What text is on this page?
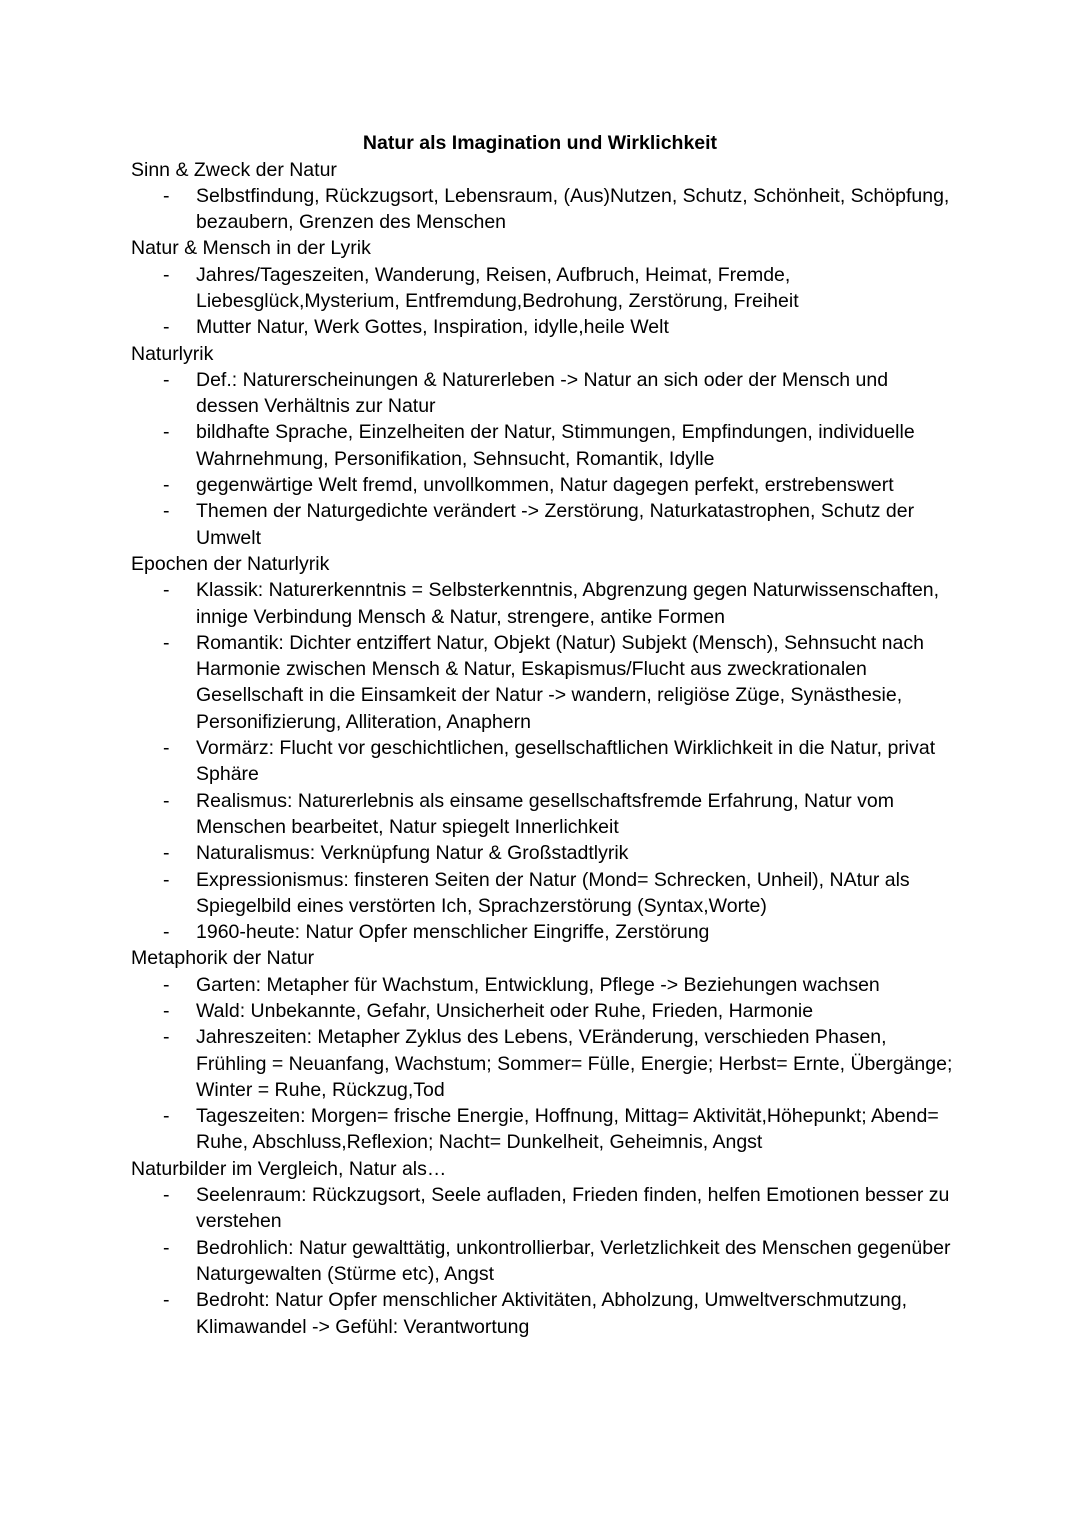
Natur als Imagination und Wirklichkeit

Sinn & Zweck der Natur

- Selbstfindung, Rückzugsort, Lebensraum, (Aus)Nutzen, Schutz, Schönheit, Schöpfung, bezaubern, Grenzen des Menschen

Natur & Mensch in der Lyrik

- Jahres/Tageszeiten, Wanderung, Reisen, Aufbruch, Heimat, Fremde, Liebesglück,Mysterium, Entfremdung,Bedrohung, Zerstörung, Freiheit
- Mutter Natur, Werk Gottes, Inspiration, idylle,heile Welt

Naturlyrik

- Def.: Naturerscheinungen & Naturerleben -> Natur an sich oder der Mensch und dessen Verhältnis zur Natur
- bildhafte Sprache, Einzelheiten der Natur, Stimmungen, Empfindungen, individuelle Wahrnehmung, Personifikation, Sehnsucht, Romantik, Idylle
- gegenwärtige Welt fremd, unvollkommen, Natur dagegen perfekt, erstrebenswert
- Themen der Naturgedichte verändert -> Zerstörung, Naturkatastrophen, Schutz der Umwelt

Epochen der Naturlyrik

- Klassik: Naturerkenntnis = Selbsterkenntnis, Abgrenzung gegen Naturwissenschaften, innige Verbindung Mensch & Natur, strengere, antike Formen
- Romantik: Dichter entziffert Natur, Objekt (Natur) Subjekt (Mensch), Sehnsucht nach Harmonie zwischen Mensch & Natur, Eskapismus/Flucht aus zweckrationalen Gesellschaft in die Einsamkeit der Natur -> wandern, religiöse Züge, Synästhesie, Personifizierung, Alliteration, Anaphern
- Vormärz: Flucht vor geschichtlichen, gesellschaftlichen Wirklichkeit in die Natur, privat Sphäre
- Realismus: Naturerlebnis als einsame gesellschaftsfremde Erfahrung, Natur vom Menschen bearbeitet, Natur spiegelt Innerlichkeit
- Naturalismus: Verknüpfung Natur & Großstadtlyrik
- Expressionismus: finsteren Seiten der Natur (Mond= Schrecken, Unheil), NAtur als Spiegelbild eines verstörten Ich, Sprachzerstörung (Syntax,Worte)
- 1960-heute: Natur Opfer menschlicher Eingriffe, Zerstörung

Metaphorik der Natur

- Garten: Metapher für Wachstum, Entwicklung, Pflege -> Beziehungen wachsen
- Wald: Unbekannte, Gefahr, Unsicherheit oder Ruhe, Frieden, Harmonie
- Jahreszeiten: Metapher Zyklus des Lebens, VEränderung, verschieden Phasen, Frühling = Neuanfang, Wachstum; Sommer= Fülle, Energie; Herbst= Ernte, Übergänge; Winter = Ruhe, Rückzug,Tod
- Tageszeiten: Morgen= frische Energie, Hoffnung, Mittag= Aktivität,Höhepunkt; Abend= Ruhe, Abschluss,Reflexion; Nacht= Dunkelheit, Geheimnis, Angst

Naturbilder im Vergleich, Natur als…

- Seelenraum: Rückzugsort, Seele aufladen, Frieden finden, helfen Emotionen besser zu verstehen
- Bedrohlich: Natur gewalttätig, unkontrollierbar, Verletzlichkeit des Menschen gegenüber Naturgewalten (Stürme etc), Angst
- Bedroht: Natur Opfer menschlicher Aktivitäten, Abholzung, Umweltverschmutzung, Klimawandel -> Gefühl: Verantwortung
